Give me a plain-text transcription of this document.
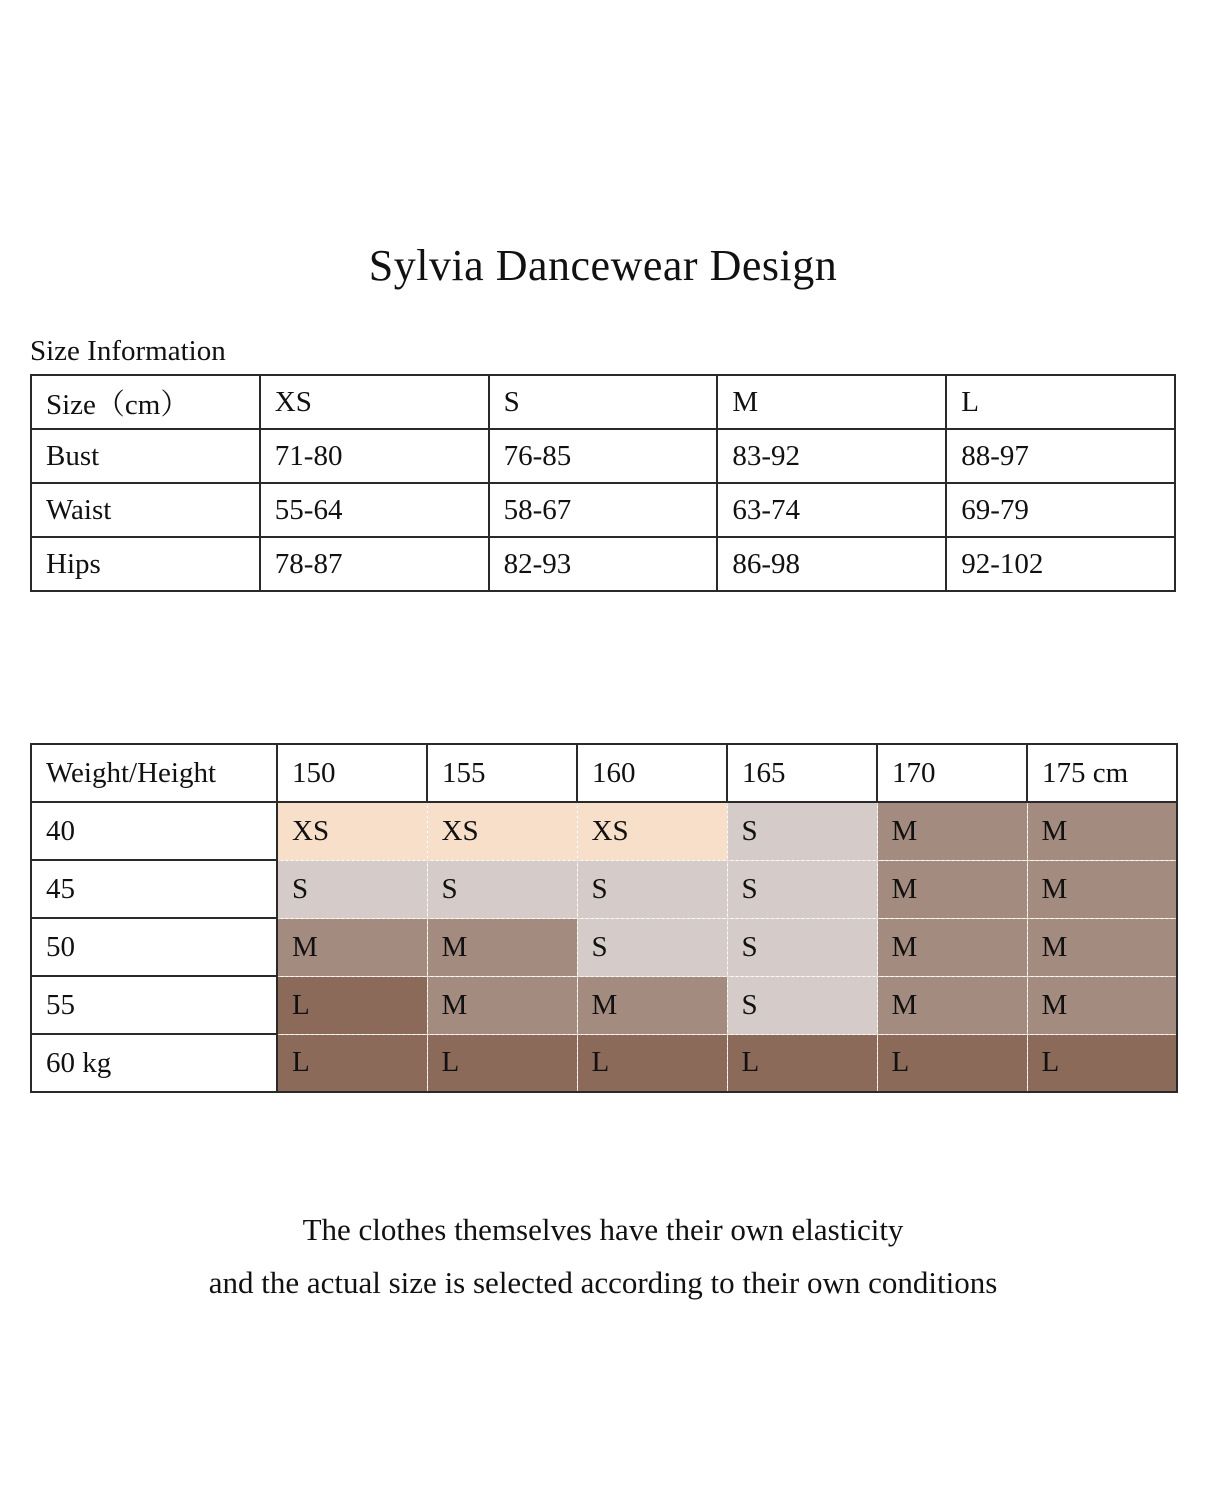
Sylvia Dancewear Design
Size Information
Size（cm）	XS	S	M	L
Bust	71-80	76-85	83-92	88-97
Waist	55-64	58-67	63-74	69-79
Hips	78-87	82-93	86-98	92-102
Weight/Height	150	155	160	165	170	175 cm
40	XS	XS	XS	S	M	M
45	S	S	S	S	M	M
50	M	M	S	S	M	M
55	L	M	M	S	M	M
60 kg	L	L	L	L	L	L
The clothes themselves have their own elasticity
and the actual size is selected according to their own conditions
